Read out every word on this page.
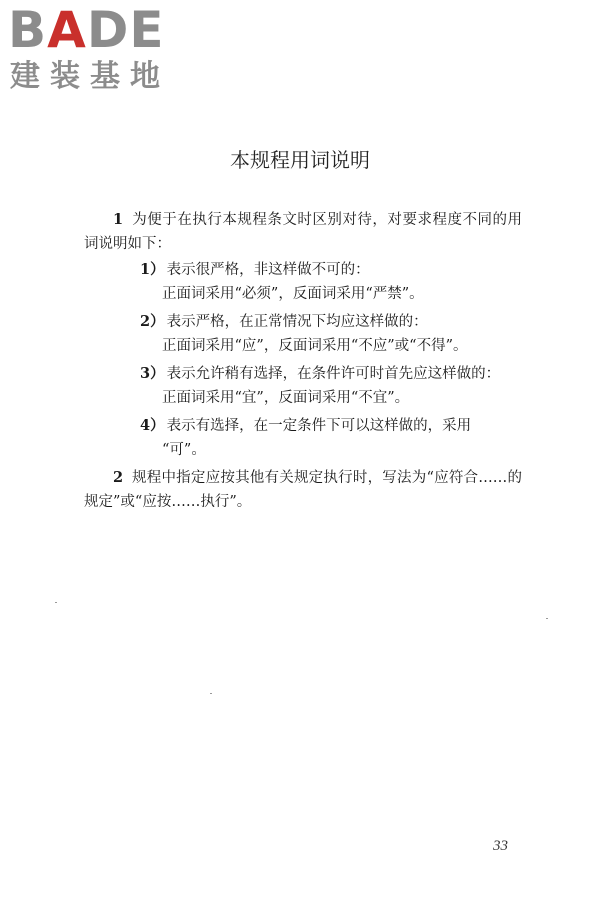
B A DE
建装基地
本规程用词说明

1 为便于在执行本规程条文时区别对待，对要求程度不同的用词说明如下：

1） 表示很严格，非这样做不可的：
正面词采用“必须”，反面词采用“严禁”。

2） 表示严格，在正常情况下均应这样做的：
正面词采用“应”，反面词采用“不应”或“不得”。

3） 表示允许稍有选择，在条件许可时首先应这样做的：
正面词采用“宜”，反面词采用“不宜”。

4） 表示有选择，在一定条件下可以这样做的，采用
“可”。

2 规程中指定应按其他有关规定执行时，写法为“应符合……的规定”或“应按……执行”。

33
